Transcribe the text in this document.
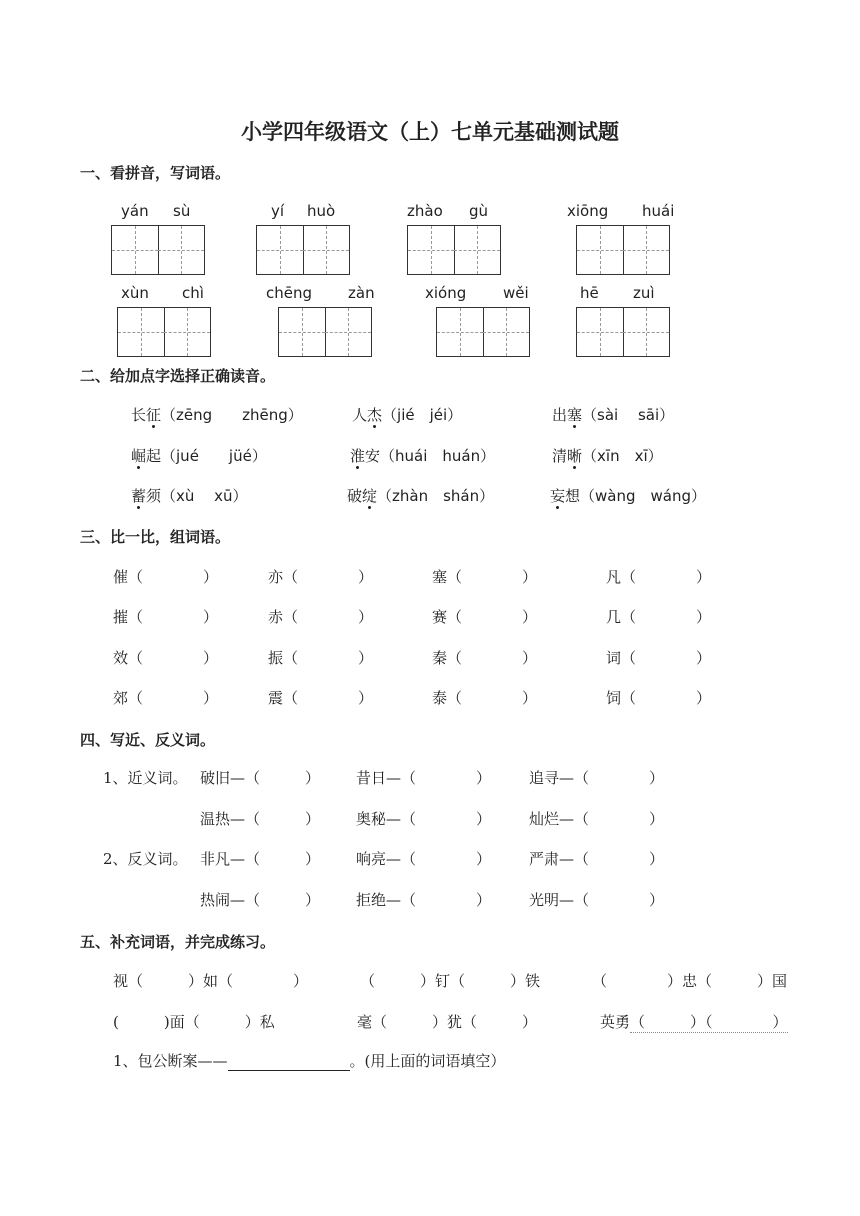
小学四年级语文（上）七单元基础测试题
一、看拼音，写词语。
yán sù	yí huò	zhào gù	xiōng huái
xùn chì	chēng zàn	xióng wěi	hē zuì
二、给加点字选择正确读音。
长征（zēng　　zhēng）	人杰（jié　jéi）	出塞（sài　 sāi）
崛起（jué　　jüé）	淮安（huái　huán）	清晰（xīn　xī）
蓄须（xù　 xū）	破绽（zhàn　shán）	妄想（wàng　wáng）
三、比一比，组词语。
催（　　　　）	亦（　　　　）	塞（　　　　）	凡（　　　　）
摧（　　　　）	赤（　　　　）	赛（　　　　）	几（　　　　）
效（　　　　）	振（　　　　）	秦（　　　　）	词（　　　　）
郊（　　　　）	震（　　　　）	泰（　　　　）	饲（　　　　）
四、写近、反义词。
1、近义词。 破旧—（　　　） 昔日—（　　　　）	追寻—（　　　　）
温热—（　　　） 奥秘—（　　　　）	灿烂—（　　　　）
2、反义词。 非凡—（　　　） 响亮—（　　　　）	严肃—（　　　　）
热闹—（　　　） 拒绝—（　　　　）	光明—（　　　　）
五、补充词语，并完成练习。
视（　　　）如（　　　　）	（　　　）钉（　　　）铁	（　　　　）忠（　　　）国
(　　　)面（　　　）私	毫（　　　）犹（　　　）	英勇（　　　）（　　　　）
1、包公断案——	。(用上面的词语填空）
